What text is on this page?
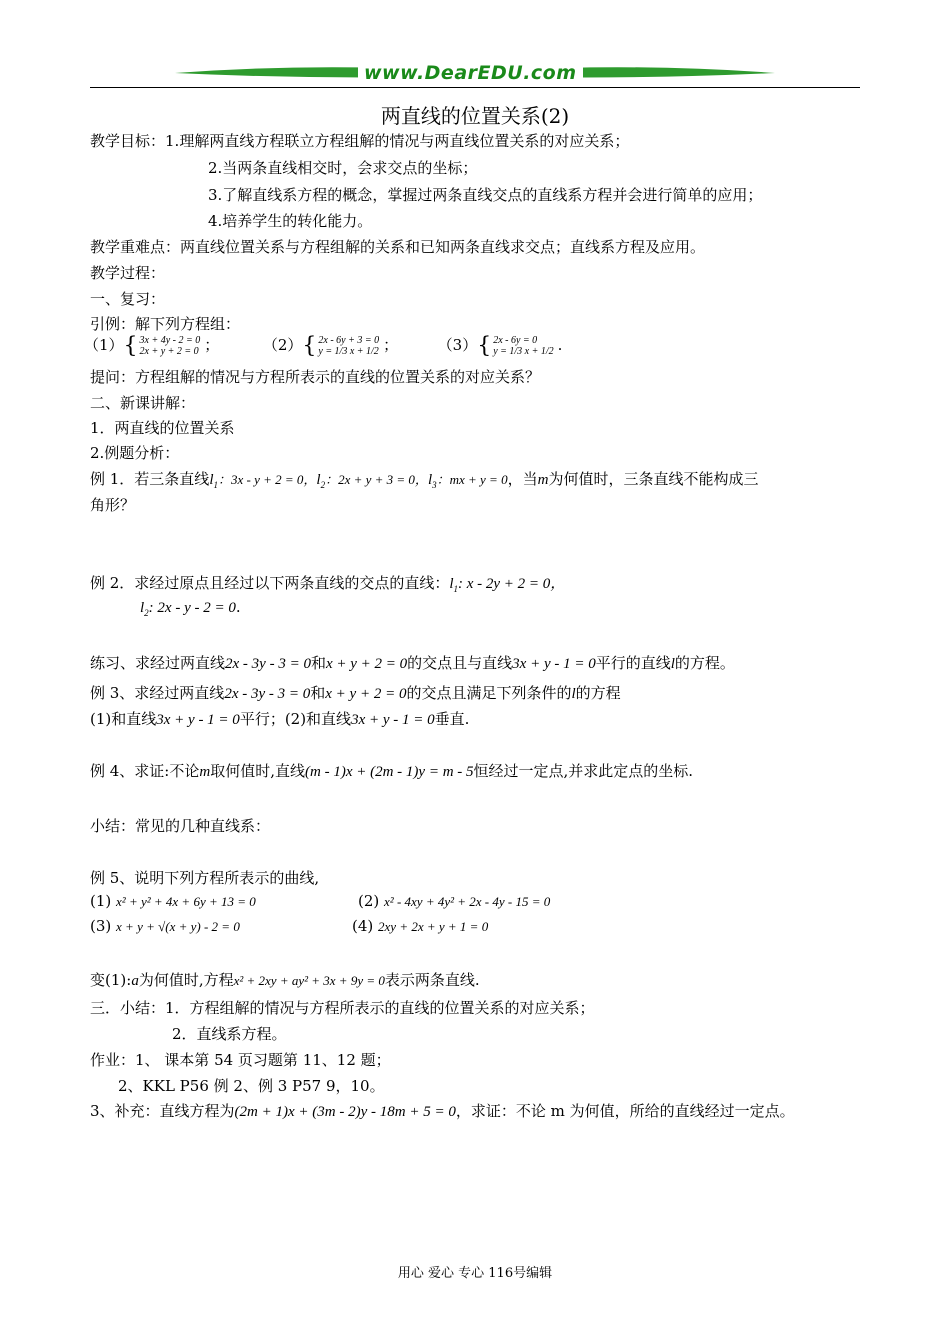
www.DearEDU.com
两直线的位置关系(2)
教学目标：1.理解两直线方程联立方程组解的情况与两直线位置关系的对应关系；
2.当两条直线相交时，会求交点的坐标；
3.了解直线系方程的概念，掌握过两条直线交点的直线系方程并会进行简单的应用；
4.培养学生的转化能力。
教学重难点：两直线位置关系与方程组解的关系和已知两条直线求交点；直线系方程及应用。
教学过程：
一、复习：
引例：解下列方程组：
（1）{ 3x + 4y - 2 = 0
2x + y + 2 = 0 ；	（2）{ 2x - 6y + 3 = 0
y = 1/3 x + 1/2 ；	（3）{ 2x - 6y = 0
y = 1/3 x + 1/2 .
提问：方程组解的情况与方程所表示的直线的位置关系的对应关系？
二、新课讲解：
1．两直线的位置关系
2.例题分析：
例 1．若三条直线$l_1$：3x - y + 2 = 0，$l_2$：2x + y + 3 = 0，$l_3$：mx + y = 0，当m为何值时，三条直线不能构成三
角形？
例 2．求经过原点且经过以下两条直线的交点的直线：$l_1$: x - 2y + 2 = 0，
$l_2$: 2x - y - 2 = 0.
练习、求经过两直线2x - 3y - 3 = 0和x + y + 2 = 0的交点且与直线3x + y - 1 = 0平行的直线l的方程。
例 3、求经过两直线2x - 3y - 3 = 0和x + y + 2 = 0的交点且满足下列条件的l的方程
(1)和直线3x + y - 1 = 0平行；(2)和直线3x + y - 1 = 0垂直.
例 4、求证:不论m取何值时,直线(m - 1)x + (2m - 1)y = m - 5恒经过一定点,并求此定点的坐标.
小结：常见的几种直线系：
例 5、说明下列方程所表示的曲线,
(1) x² + y² + 4x + 6y + 13 = 0	(2) x² - 4xy + 4y² + 2x - 4y - 15 = 0
(3) x + y + √(x + y) - 2 = 0	(4) 2xy + 2x + y + 1 = 0
变(1):a为何值时,方程x² + 2xy + ay² + 3x + 9y = 0表示两条直线.
三．小结：1．方程组解的情况与方程所表示的直线的位置关系的对应关系；
2．直线系方程。
作业：1、 课本第 54 页习题第 11、12 题；
2、KKL P56 例 2、例 3 P57 9，10。
3、补充：直线方程为(2m + 1)x + (3m - 2)y - 18m + 5 = 0，求证：不论 m 为何值，所给的直线经过一定点。
用心 爱心 专心 116号编辑
